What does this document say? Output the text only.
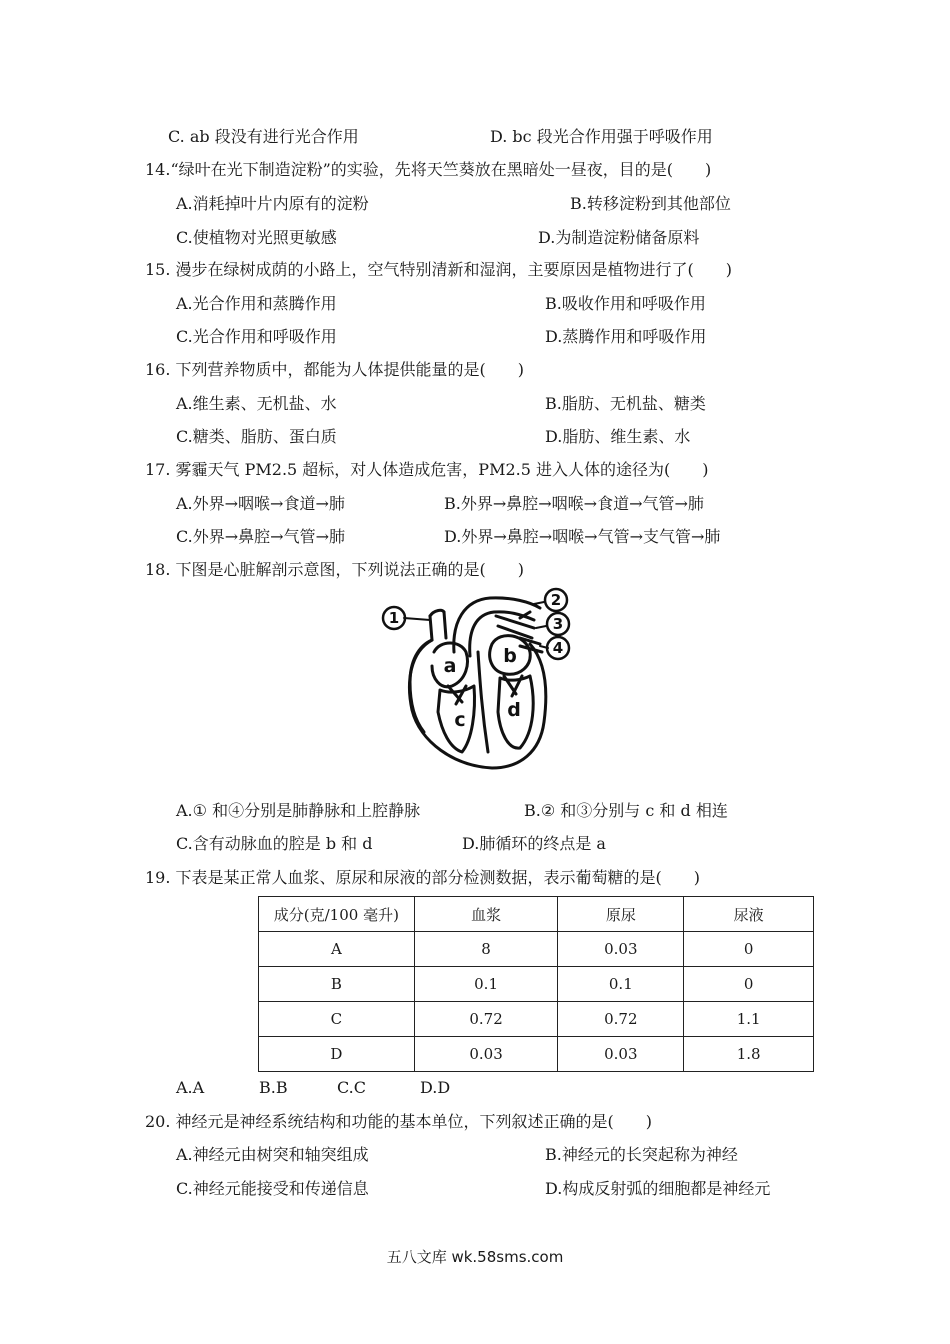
C. ab 段没有进行光合作用	D. bc 段光合作用强于呼吸作用
14.“绿叶在光下制造淀粉”的实验，先将天竺葵放在黑暗处一昼夜，目的是(　　)
A.消耗掉叶片内原有的淀粉	B.转移淀粉到其他部位
C.使植物对光照更敏感	D.为制造淀粉储备原料
15. 漫步在绿树成荫的小路上，空气特别清新和湿润，主要原因是植物进行了(　　)
A.光合作用和蒸腾作用	B.吸收作用和呼吸作用
C.光合作用和呼吸作用	D.蒸腾作用和呼吸作用
16. 下列营养物质中，都能为人体提供能量的是(　　)
A.维生素、无机盐、水	B.脂肪、无机盐、糖类
C.糖类、脂肪、蛋白质	D.脂肪、维生素、水
17. 雾霾天气 PM2.5 超标，对人体造成危害，PM2.5 进入人体的途径为(　　)
A.外界→咽喉→食道→肺	B.外界→鼻腔→咽喉→食道→气管→肺
C.外界→鼻腔→气管→肺	D.外界→鼻腔→咽喉→气管→支气管→肺
18. 下图是心脏解剖示意图，下列说法正确的是(　　)
1
2
3
4
a b
c d
A.① 和④分别是肺静脉和上腔静脉	B.② 和③分别与 c 和 d 相连
C.含有动脉血的腔是 b 和 d	D.肺循环的终点是 a
19. 下表是某正常人血浆、原尿和尿液的部分检测数据，表示葡萄糖的是(　　)
成分(克/100 毫升)	血浆	原尿	尿液
A	8	0.03	0
B	0.1	0.1	0
C	0.72	0.72	1.1
D	0.03	0.03	1.8
A.A	B.B	C.C	D.D
20. 神经元是神经系统结构和功能的基本单位，下列叙述正确的是(　　)
A.神经元由树突和轴突组成	B.神经元的长突起称为神经
C.神经元能接受和传递信息	D.构成反射弧的细胞都是神经元
五八文库 wk.58sms.com
